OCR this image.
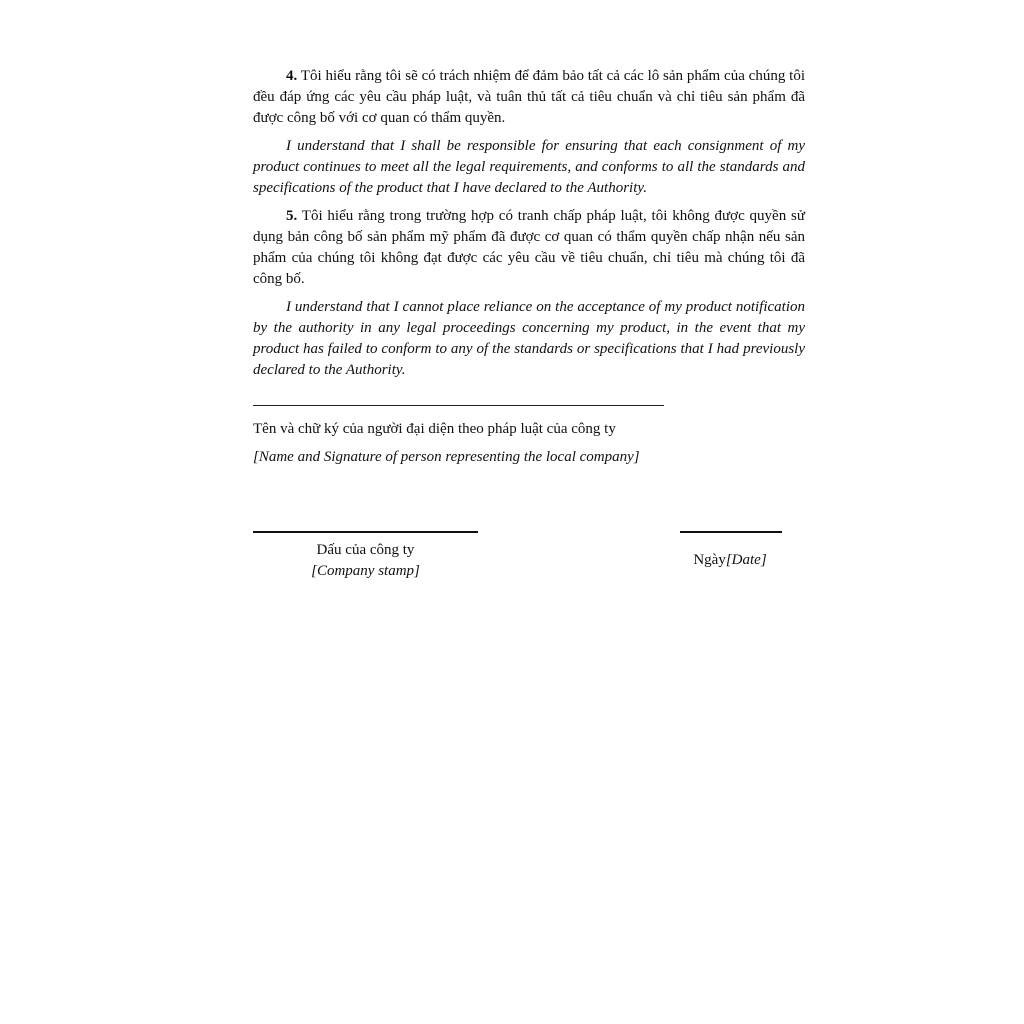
4. Tôi hiểu rằng tôi sẽ có trách nhiệm để đảm bảo tất cả các lô sản phẩm của chúng tôi đều đáp ứng các yêu cầu pháp luật, và tuân thủ tất cả tiêu chuẩn và chỉ tiêu sản phẩm đã được công bố với cơ quan có thẩm quyền.

I understand that I shall be responsible for ensuring that each consignment of my product continues to meet all the legal requirements, and conforms to all the standards and specifications of the product that I have declared to the Authority.

5. Tôi hiểu rằng trong trường hợp có tranh chấp pháp luật, tôi không được quyền sử dụng bản công bố sản phẩm mỹ phẩm đã được cơ quan có thẩm quyền chấp nhận nếu sản phẩm của chúng tôi không đạt được các yêu cầu về tiêu chuẩn, chỉ tiêu mà chúng tôi đã công bố.

I understand that I cannot place reliance on the acceptance of my product notification by the authority in any legal proceedings concerning my product, in the event that my product has failed to conform to any of the standards or specifications that I had previously declared to the Authority.

Tên và chữ ký của người đại diện theo pháp luật của công ty
[Name and Signature of person representing the local company]
Dấu của công ty
[Company stamp]
Ngày[Date]
